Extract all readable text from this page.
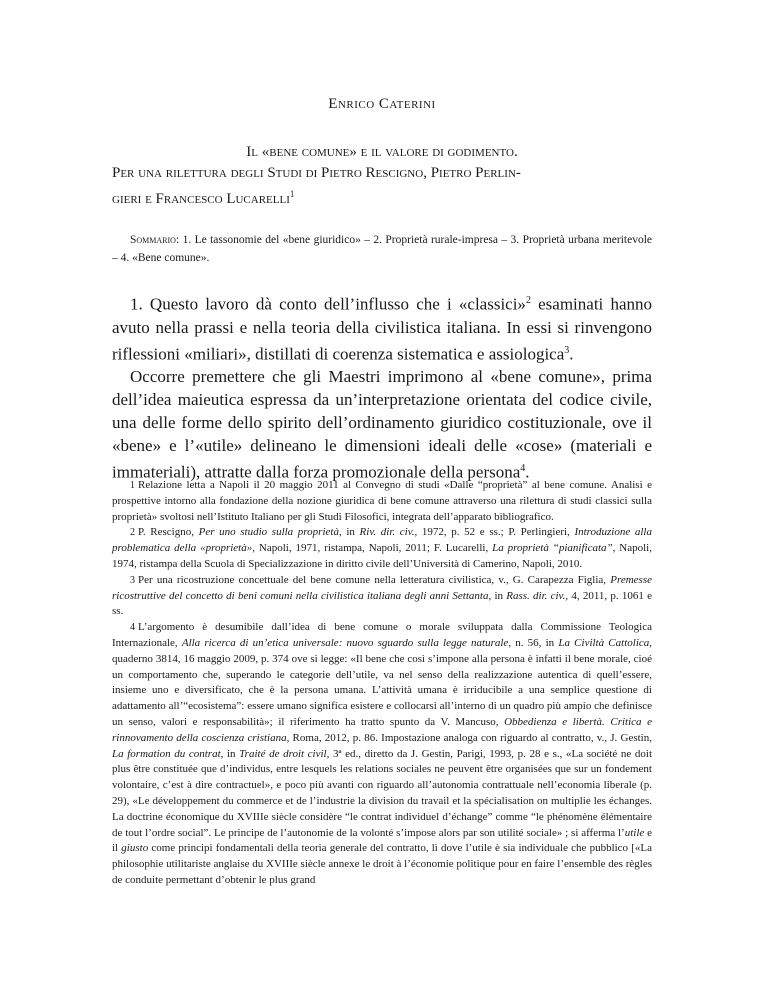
Enrico Caterini
Il «bene comune» e il valore di godimento.
Per una rilettura degli Studi di Pietro Rescigno, Pietro Perlin-
gieri e Francesco Lucarelli$^1$
Sommario: 1. Le tassonomie del «bene giuridico» – 2. Proprietà rurale-impresa – 3. Proprietà urbana meritevole – 4. «Bene comune».

1. Questo lavoro dà conto dell’influsso che i «classici»$^2$ esaminati hanno avuto nella prassi e nella teoria della civilistica italiana. In essi si rinvengono riflessioni «miliari», distillati di coerenza sistematica e assiologica$^3$.

Occorre premettere che gli Maestri imprimono al «bene comune», prima dell’idea maieutica espressa da un’interpretazione orientata del codice civile, una delle forme dello spirito dell’ordinamento giuridico costituzionale, ove il «bene» e l’«utile» delineano le dimensioni ideali delle «cose» (materiali e immateriali), attratte dalla forza promozionale della persona$^4$.

1 Relazione letta a Napoli il 20 maggio 2011 al Convegno di studi «Dalle “proprietà” al bene comune. Analisi e prospettive intorno alla fondazione della nozione giuridica di bene comune attraverso una rilettura di studi classici sulla proprietà» svoltosi nell’Istituto Italiano per gli Studi Filosofici, integrata dell’apparato bibliografico.

2 P. Rescigno, Per uno studio sulla proprietà, in Riv. dir. civ., 1972, p. 52 e ss.; P. Perlingieri, Introduzione alla problematica della «proprietà», Napoli, 1971, ristampa, Napoli, 2011; F. Lucarelli, La proprietà “pianificata”, Napoli, 1974, ristampa della Scuola di Specializzazione in diritto civile dell’Università di Camerino, Napoli, 2010.

3 Per una ricostruzione concettuale del bene comune nella letteratura civilistica, v., G. Carapezza Figlia, Premesse ricostruttive del concetto di beni comuni nella civilistica italiana degli anni Settanta, in Rass. dir. civ., 4, 2011, p. 1061 e ss.

4 L’argomento è desumibile dall’idea di bene comune o morale sviluppata dalla Commissione Teologica Internazionale, Alla ricerca di un’etica universale: nuovo sguardo sulla legge naturale, n. 56, in La Civiltà Cattolica, quaderno 3814, 16 maggio 2009, p. 374 ove si legge: «Il bene che così s’impone alla persona è infatti il bene morale, cioé un comportamento che, superando le categorie dell’utile, va nel senso della realizzazione autentica di quell’essere, insieme uno e diversificato, che è la persona umana. L’attività umana è irriducibile a una semplice questione di adattamento all’“ecosistema”: essere umano significa esistere e collocarsi all’interno di un quadro più ampio che definisce un senso, valori e responsabilità»; il riferimento ha tratto spunto da V. Mancuso, Obbedienza e libertà. Critica e rinnovamento della coscienza cristiana, Roma, 2012, p. 86. Impostazione analoga con riguardo al contratto, v., J. Gestin, La formation du contrat, in Traité de droit civil, 3ª ed., diretto da J. Gestin, Parigi, 1993, p. 28 e s., «La société ne doit plus être constituée que d’individus, entre lesquels les relations sociales ne peuvent être organisées que sur un fondement volontaire, c’est à dire contractuel», e poco più avanti con riguardo all’autonomia contrattuale nell’economia liberale (p. 29), «Le développement du commerce et de l’industrie la division du travail et la spécialisation on multiplie les échanges. La doctrine économique du XVIIIe siècle considère “le contrat individuel d’échange” comme “le phénomène élémentaire de tout l’ordre social”. Le principe de l’autonomie de la volonté s’impose alors par son utilité sociale» ; si afferma l’utile e il giusto come principi fondamentali della teoria generale del contratto, lì dove l’utile è sia individuale che pubblico [«La philosophie utilitariste anglaise du XVIIIe siècle annexe le droit à l’économie politique pour en faire l’ensemble des règles de conduite permettant d’obtenir le plus grand
